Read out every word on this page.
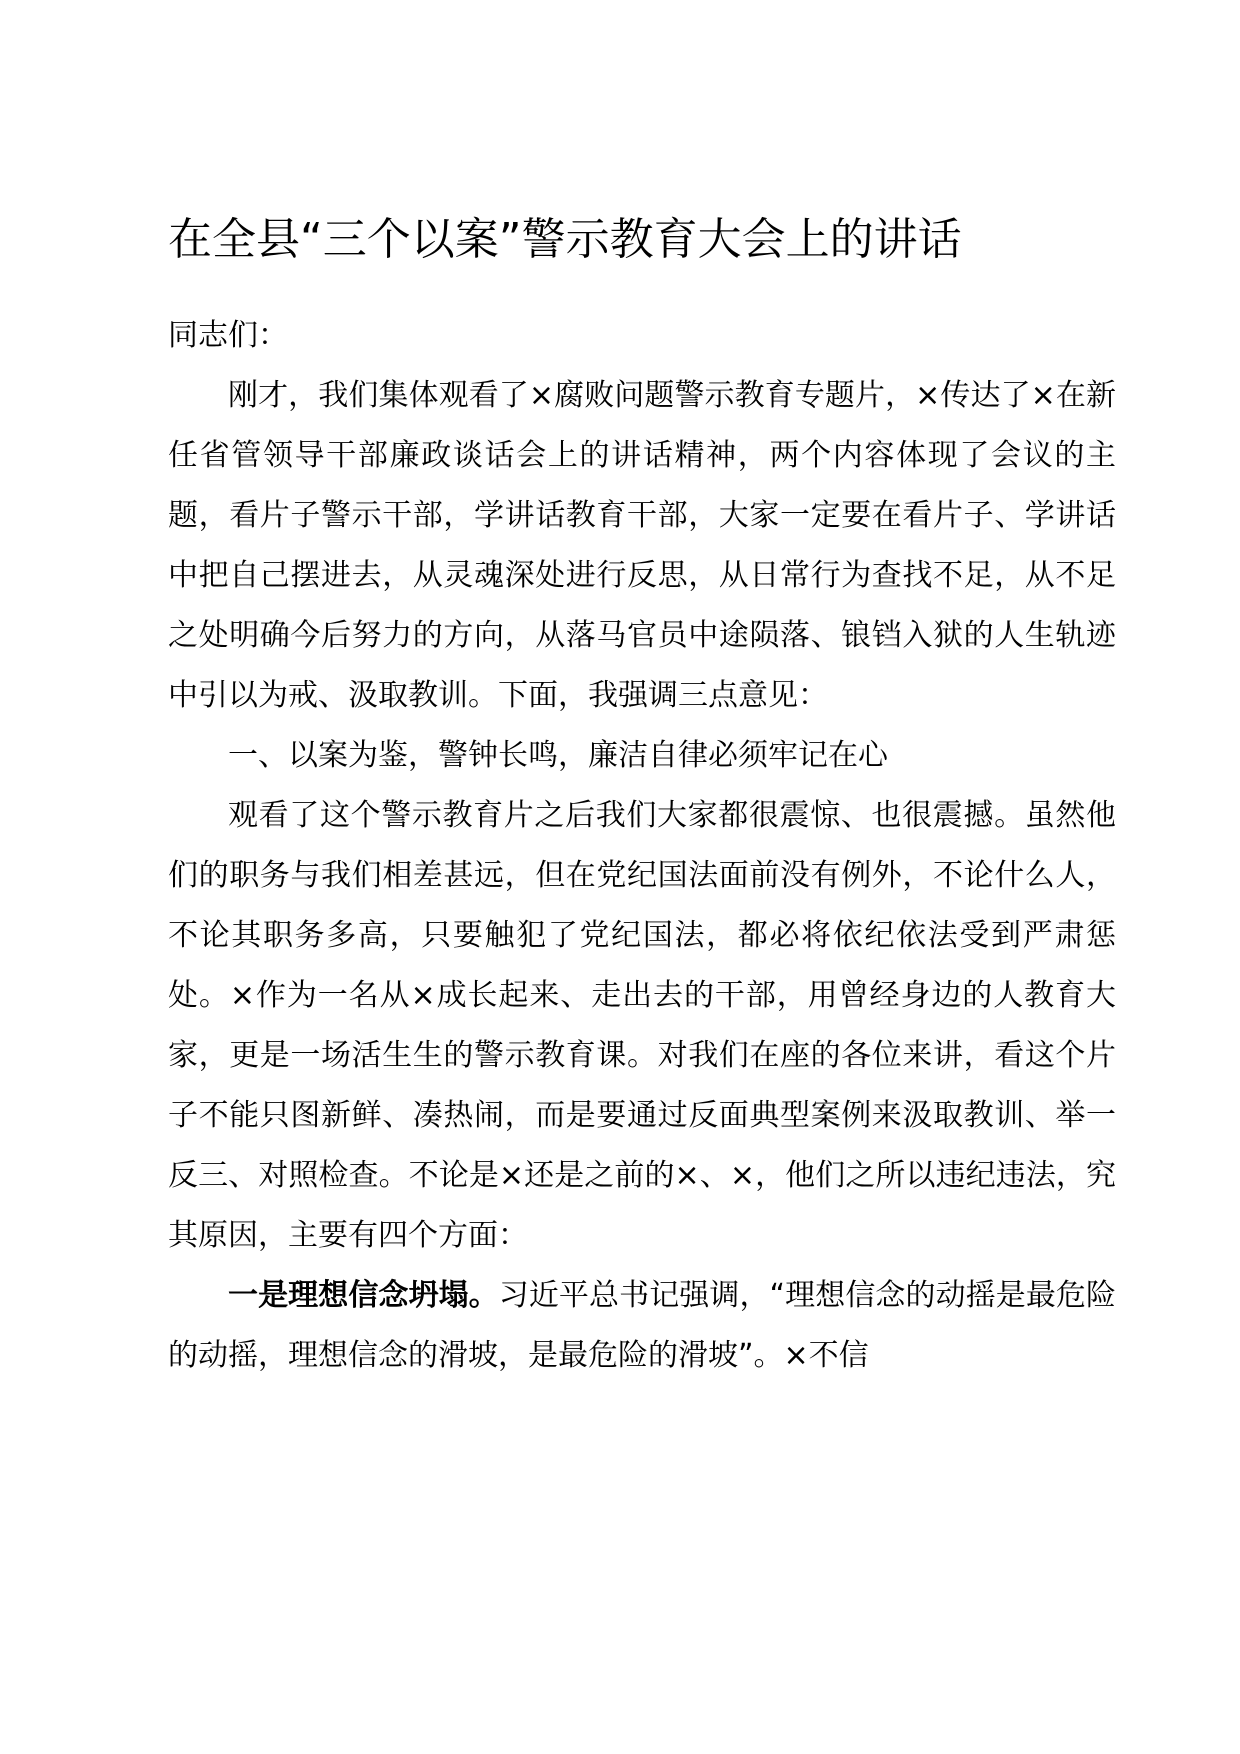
在全县“三个以案”警示教育大会上的讲话

同志们：

刚才，我们集体观看了×腐败问题警示教育专题片，×传达了×在新任省管领导干部廉政谈话会上的讲话精神，两个内容体现了会议的主题，看片子警示干部，学讲话教育干部，大家一定要在看片子、学讲话中把自己摆进去，从灵魂深处进行反思，从日常行为查找不足，从不足之处明确今后努力的方向，从落马官员中途陨落、锒铛入狱的人生轨迹中引以为戒、汲取教训。下面，我强调三点意见：

一、以案为鉴，警钟长鸣，廉洁自律必须牢记在心

观看了这个警示教育片之后我们大家都很震惊、也很震撼。虽然他们的职务与我们相差甚远，但在党纪国法面前没有例外，不论什么人，不论其职务多高，只要触犯了党纪国法，都必将依纪依法受到严肃惩处。×作为一名从×成长起来、走出去的干部，用曾经身边的人教育大家，更是一场活生生的警示教育课。对我们在座的各位来讲，看这个片子不能只图新鲜、凑热闹，而是要通过反面典型案例来汲取教训、举一反三、对照检查。不论是×还是之前的×、×，他们之所以违纪违法，究其原因，主要有四个方面：

一是理想信念坍塌。习近平总书记强调，“理想信念的动摇是最危险的动摇，理想信念的滑坡，是最危险的滑坡”。×不信
